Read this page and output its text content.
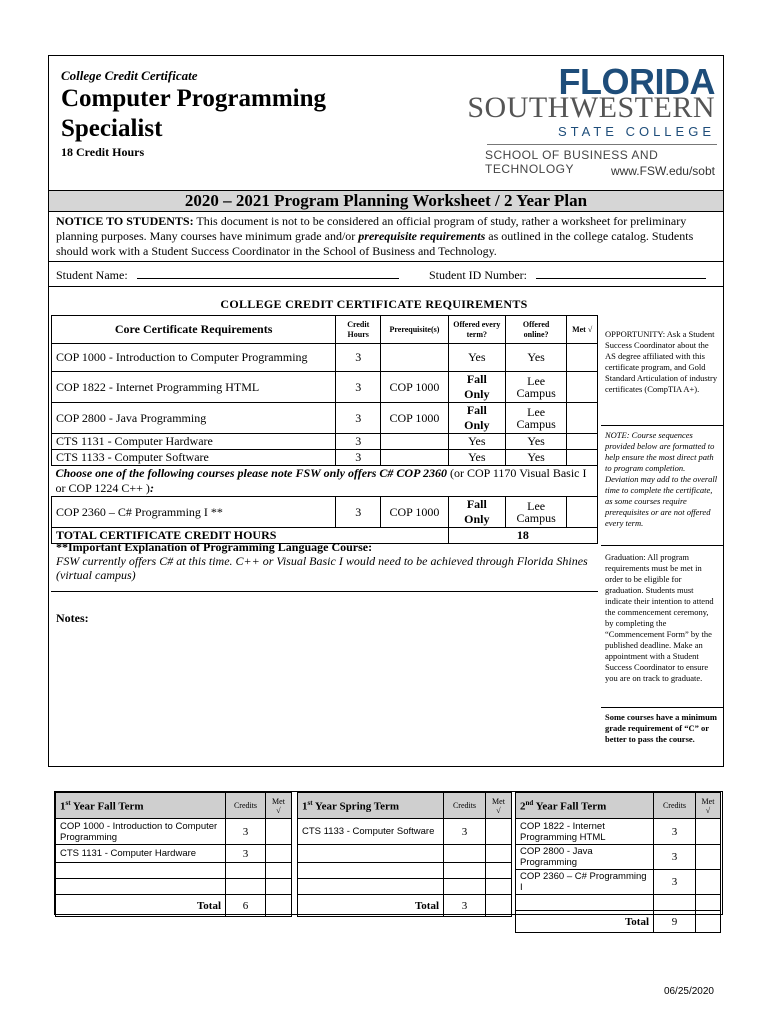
College Credit Certificate
Computer Programming
Specialist
18 Credit Hours
FLORIDA
SOUTHWESTERN
STATE COLLEGE
SCHOOL OF BUSINESS AND TECHNOLOGY	www.FSW.edu/sobt
2020 – 2021 Program Planning Worksheet / 2 Year Plan
NOTICE TO STUDENTS: This document is not to be considered an official program of study, rather a worksheet for preliminary planning purposes. Many courses have minimum grade and/or prerequisite requirements as outlined in the college catalog. Students should work with a Student Success Coordinator in the School of Business and Technology.
Student Name:	Student ID Number:
COLLEGE CREDIT CERTIFICATE REQUIREMENTS
Core Certificate Requirements	Credit Hours	Prerequisite(s)	Offered every term?	Offered online?	Met √
COP 1000 - Introduction to Computer Programming	3		Yes	Yes	
COP 1822 - Internet Programming HTML	3	COP 1000	Fall Only	Lee Campus	
COP 2800 - Java Programming	3	COP 1000	Fall Only	Lee Campus	
CTS 1131 - Computer Hardware	3		Yes	Yes	
CTS 1133 - Computer Software	3		Yes	Yes	
Choose one of the following courses please note FSW only offers C# COP 2360 (or COP 1170 Visual Basic I or COP 1224 C++ ):					
COP 2360 – C# Programming I **	3	COP 1000	Fall Only	Lee Campus	
TOTAL CERTIFICATE CREDIT HOURS			18		
OPPORTUNITY: Ask a Student Success Coordinator about the AS degree affiliated with this certificate program, and Gold Standard Articulation of industry certificates (CompTIA A+).
NOTE: Course sequences provided below are formatted to help ensure the most direct path to program completion. Deviation may add to the overall time to complete the certificate, as some courses require prerequisites or are not offered every term.
Graduation: All program requirements must be met in order to be eligible for graduation. Students must indicate their intention to attend the commencement ceremony, by completing the “Commencement Form” by the published deadline. Make an appointment with a Student Success Coordinator to ensure you are on track to graduate.
Some courses have a minimum grade requirement of “C” or better to pass the course.
**Important Explanation of Programming Language Course:
FSW currently offers C# at this time. C++ or Visual Basic I would need to be achieved through Florida Shines (virtual campus)
Notes:
1st Year Fall Term	Credits	Met √
COP 1000 - Introduction to Computer Programming	3	
CTS 1131 - Computer Hardware	3	

Total	6	
1st Year Spring Term	Credits	Met √
CTS 1133 - Computer Software	3	

Total	3	
2nd Year Fall Term	Credits	Met √
COP 1822 - Internet Programming HTML	3	
COP 2800 - Java Programming	3	
COP 2360 – C# Programming I	3	

Total	9	
06/25/2020
